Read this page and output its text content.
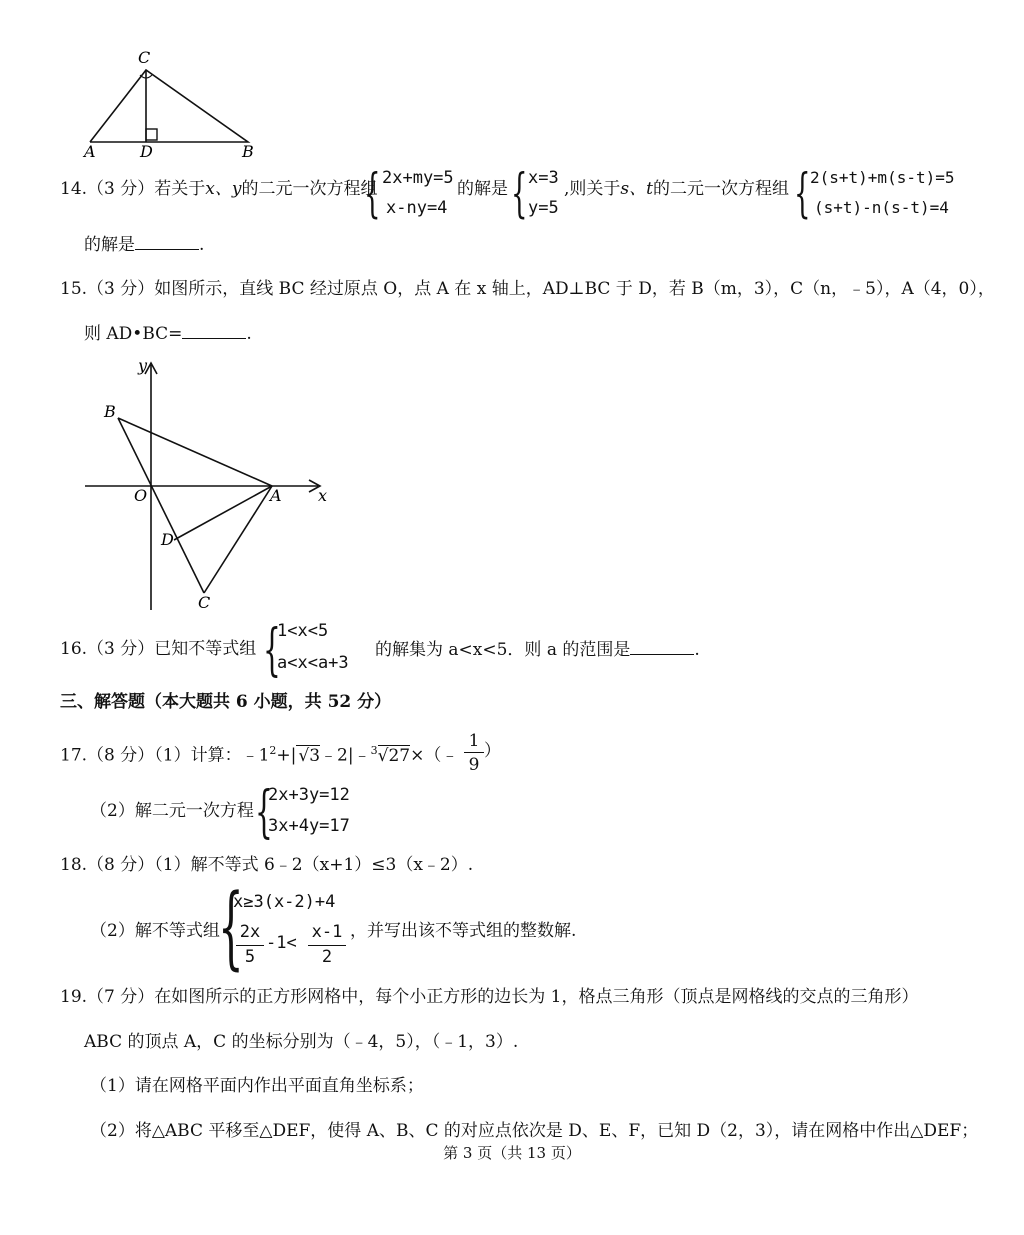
C
A	D	B
14.（3 分）若关于x、y的二元一次方程组
{ 2x+my=5
x-ny=4
的解是 { x=3
y=5
,则关于s、t的二元一次方程组 { 2(s+t)+m(s-t)=5
(s+t)-n(s-t)=4
的解是	.
15.（3 分）如图所示，直线 BC 经过原点 O，点 A 在 x 轴上，AD⊥BC 于 D，若 B（m，3），C（n，﹣5），A（4，0），
则 AD•BC=	.
y
B
O	A x
D
C
16.（3 分）已知不等式组 {
1<x<5
a<x<a+3
的解集为 a<x<5．则 a 的范围是	.
三、解答题（本大题共 6 小题，共 52 分）
17.（8 分）（1）计算：$﹣1^2+|$ √3﹣2|﹣$^3$√27×（﹣
1
9
）
（2）解二元一次方程 {
2x+3y=12
3x+4y=17
18.（8 分）（1）解不等式 6﹣2（x+1）≤3（x﹣2）.
（2）解不等式组
{
x≥3(x-2)+4
2x
5
-1<
x-1
2
，并写出该不等式组的整数解.
19.（7 分）在如图所示的正方形网格中，每个小正方形的边长为 1，格点三角形（顶点是网格线的交点的三角形）
ABC 的顶点 A，C 的坐标分别为（﹣4，5），（﹣1，3）.
（1）请在网格平面内作出平面直角坐标系；
（2）将△ABC 平移至△DEF，使得 A、B、C 的对应点依次是 D、E、F，已知 D（2，3），请在网格中作出△DEF；
第 3 页（共 13 页）
